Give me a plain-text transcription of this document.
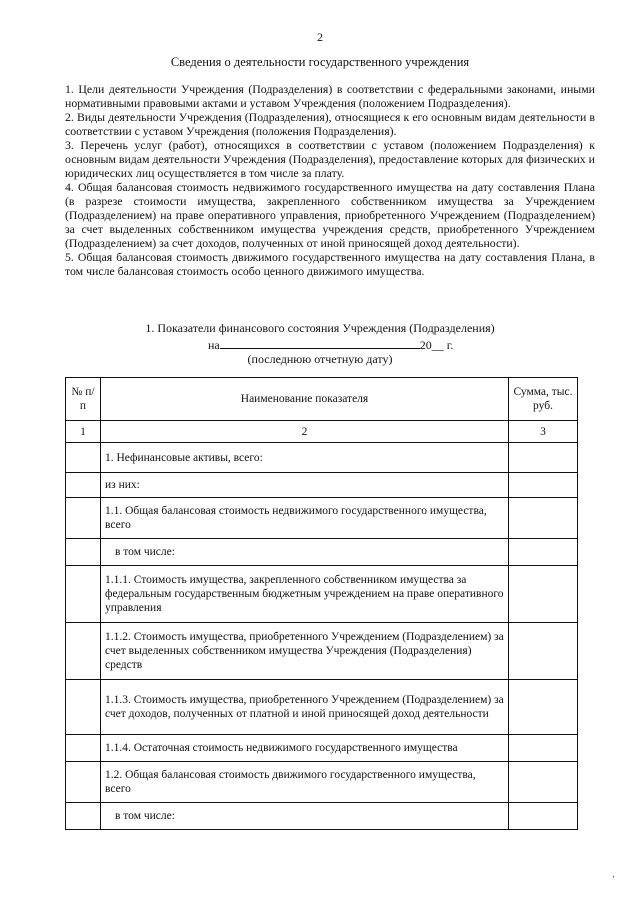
2
Сведения о деятельности государственного учреждения

1. Цели деятельности Учреждения (Подразделения) в соответствии с федеральными законами, иными нормативными правовыми актами и уставом Учреждения (положением Подразделения).

2. Виды деятельности Учреждения (Подразделения), относящиеся к его основным видам деятельности в соответствии с уставом Учреждения (положения Подразделения).

3. Перечень услуг (работ), относящихся в соответствии с уставом (положением Подразделения) к основным видам деятельности Учреждения (Подразделения), предоставление которых для физических и юридических лиц осуществляется в том числе за плату.

4. Общая балансовая стоимость недвижимого государственного имущества на дату составления Плана (в разрезе стоимости имущества, закрепленного собственником имущества за Учреждением (Подразделением) на праве оперативного управления, приобретенного Учреждением (Подразделением) за счет выделенных собственником имущества учреждения средств, приобретенного Учреждением (Подразделением) за счет доходов, полученных от иной приносящей доход деятельности).

5. Общая балансовая стоимость движимого государственного имущества на дату составления Плана, в том числе балансовая стоимость особо ценного движимого имущества.

1. Показатели финансового состояния Учреждения (Подразделения)
на	20__ г.
(последнюю отчетную дату)
№ п/п	Наименование показателя	Сумма, тыс. руб.
1	2	3
	1. Нефинансовые активы, всего:	
	из них:	
	1.1. Общая балансовая стоимость недвижимого государственного имущества, всего	
	в том числе:	
	1.1.1. Стоимость имущества, закрепленного собственником имущества за федеральным государственным бюджетным учреждением на праве оперативного управления	
	1.1.2. Стоимость имущества, приобретенного Учреждением (Подразделением) за счет выделенных собственником имущества Учреждения (Подразделения) средств	
	1.1.3. Стоимость имущества, приобретенного Учреждением (Подразделением) за счет доходов, полученных от платной и иной приносящей доход деятельности	
	1.1.4. Остаточная стоимость недвижимого государственного имущества	
	1.2. Общая балансовая стоимость движимого государственного имущества, всего	
	в том числе:	
ˎ
